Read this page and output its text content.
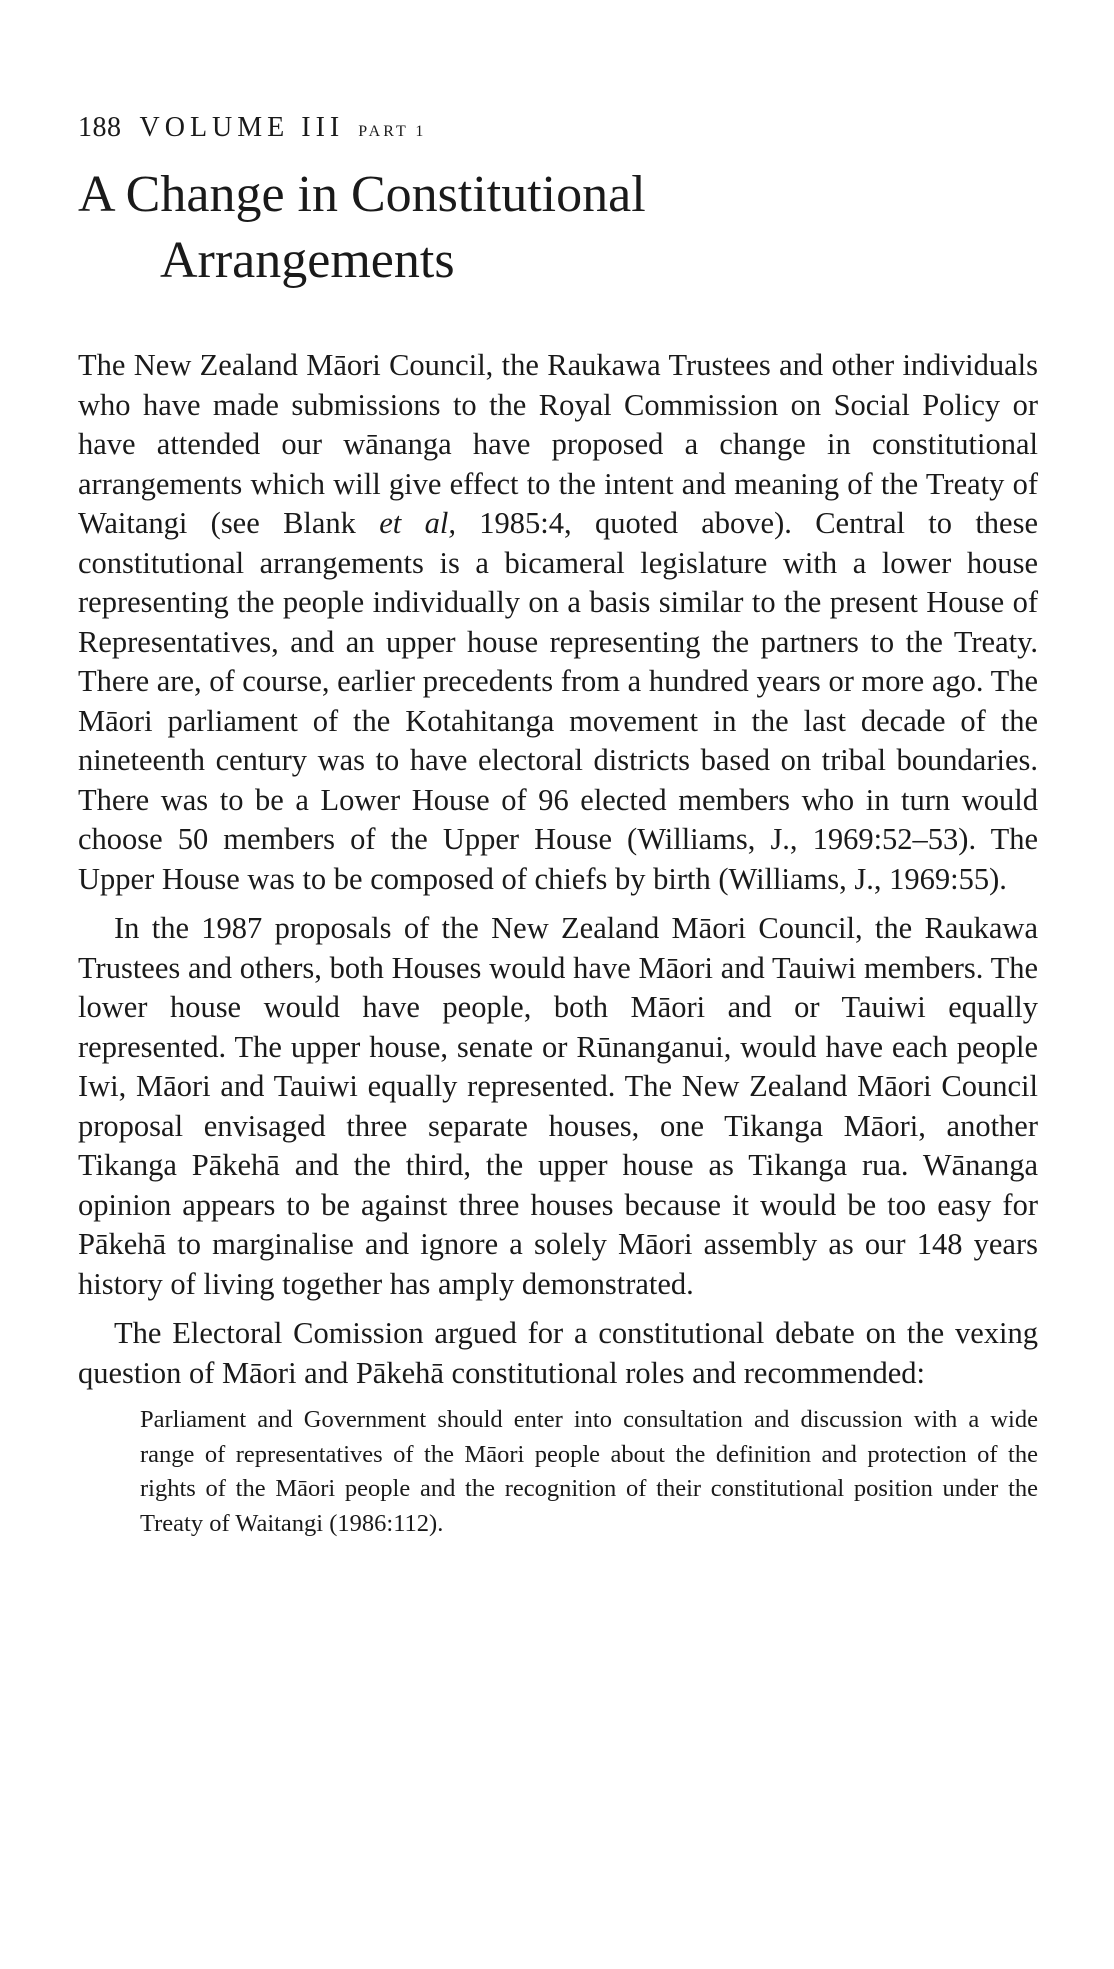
188 VOLUME III PART 1
A Change in Constitutional Arrangements

The New Zealand Māori Council, the Raukawa Trustees and other individuals who have made submissions to the Royal Commission on Social Policy or have attended our wānanga have proposed a change in constitutional arrangements which will give effect to the intent and meaning of the Treaty of Waitangi (see Blank et al, 1985:4, quoted above). Central to these constitutional arrangements is a bicameral legislature with a lower house representing the people individually on a basis similar to the present House of Representatives, and an upper house representing the partners to the Treaty. There are, of course, earlier precedents from a hundred years or more ago. The Māori parliament of the Kotahitanga movement in the last decade of the nineteenth century was to have electoral districts based on tribal boundaries. There was to be a Lower House of 96 elected members who in turn would choose 50 members of the Upper House (Williams, J., 1969:52–53). The Upper House was to be composed of chiefs by birth (Williams, J., 1969:55).

In the 1987 proposals of the New Zealand Māori Council, the Raukawa Trustees and others, both Houses would have Māori and Tauiwi members. The lower house would have people, both Māori and or Tauiwi equally represented. The upper house, senate or Rūnanganui, would have each people Iwi, Māori and Tauiwi equally represented. The New Zealand Māori Council proposal envisaged three separate houses, one Tikanga Māori, another Tikanga Pākehā and the third, the upper house as Tikanga rua. Wānanga opinion appears to be against three houses because it would be too easy for Pākehā to marginalise and ignore a solely Māori assembly as our 148 years history of living together has amply demonstrated.

The Electoral Comission argued for a constitutional debate on the vexing question of Māori and Pākehā constitutional roles and recommended:

Parliament and Government should enter into consultation and discussion with a wide range of representatives of the Māori people about the definition and protection of the rights of the Māori people and the recognition of their constitutional position under the Treaty of Waitangi (1986:112).
